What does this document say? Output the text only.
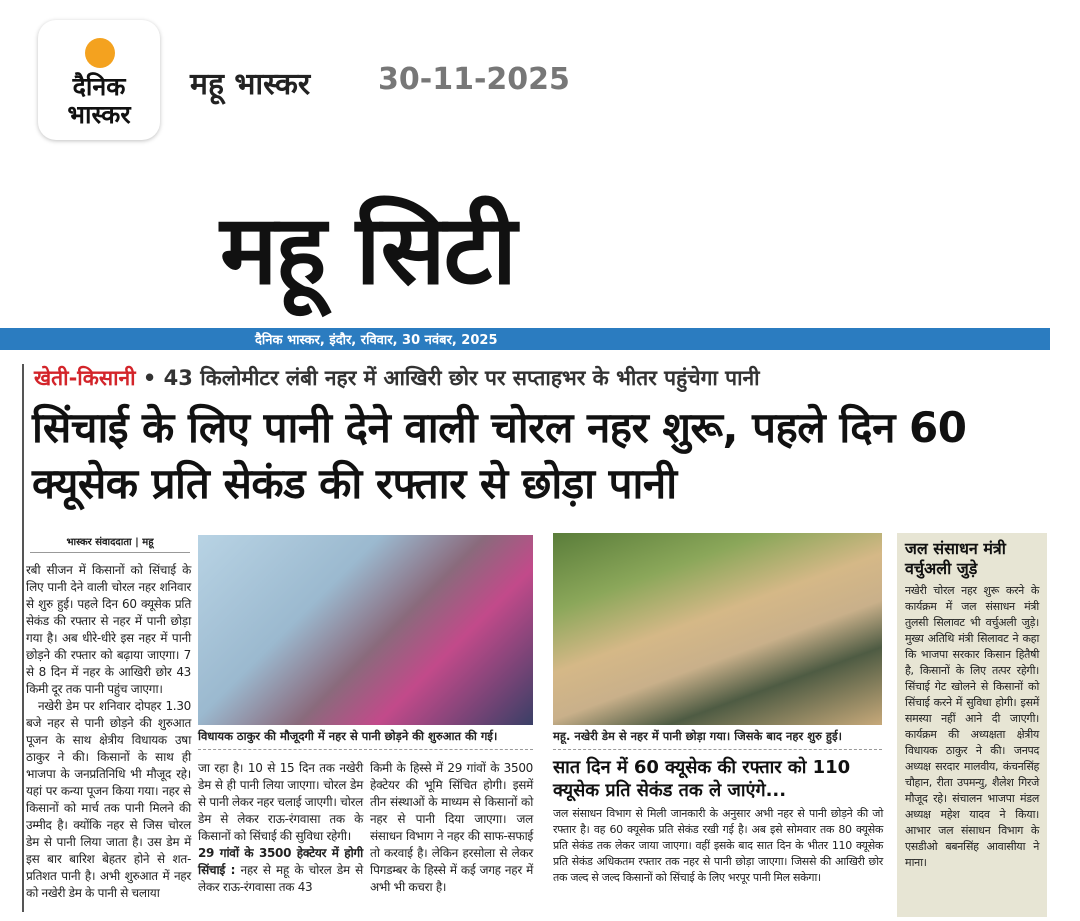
दैनिक
भास्कर
महू भास्कर 30-11-2025
महू सिटी
दैनिक भास्कर, इंदौर, रविवार, 30 नवंबर, 2025
खेती-किसानी • 43 किलोमीटर लंबी नहर में आखिरी छोर पर सप्ताहभर के भीतर पहुंचेगा पानी
सिंचाई के लिए पानी देने वाली चोरल नहर शुरू, पहले दिन 60 क्यूसेक प्रति सेकंड की रफ्तार से छोड़ा पानी
भास्कर संवाददाता | महू

रबी सीजन में किसानों को सिंचाई के लिए पानी देने वाली चोरल नहर शनिवार से शुरु हुई। पहले दिन 60 क्यूसेक प्रति सेकंड की रफ्तार से नहर में पानी छोड़ा गया है। अब धीरे-धीरे इस नहर में पानी छोड़ने की रफ्तार को बढ़ाया जाएगा। 7 से 8 दिन में नहर के आखिरी छोर 43 किमी दूर तक पानी पहुंच जाएगा।

नखेरी डेम पर शनिवार दोपहर 1.30 बजे नहर से पानी छोड़ने की शुरुआत पूजन के साथ क्षेत्रीय विधायक उषा ठाकुर ने की। किसानों के साथ ही भाजपा के जनप्रतिनिधि भी मौजूद रहे। यहां पर कन्या पूजन किया गया। नहर से किसानों को मार्च तक पानी मिलने की उम्मीद है। क्योंकि नहर से जिस चोरल डेम से पानी लिया जाता है। उस डेम में इस बार बारिश बेहतर होने से शत-प्रतिशत पानी है। अभी शुरुआत में नहर को नखेरी डेम के पानी से चलाया

विधायक ठाकुर की मौजूदगी में नहर से पानी छोड़ने की शुरुआत की गई।

जा रहा है। 10 से 15 दिन तक नखेरी डेम से ही पानी लिया जाएगा। चोरल डेम से पानी लेकर नहर चलाई जाएगी। चोरल डेम से लेकर राऊ-रंगवासा तक के किसानों को सिंचाई की सुविधा रहेगी।

29 गांवों के 3500 हेक्टेयर में होगी सिंचाई : नहर से महू के चोरल डेम से लेकर राऊ-रंगवासा तक 43

किमी के हिस्से में 29 गांवों के 3500 हेक्टेयर की भूमि सिंचित होगी। इसमें तीन संस्थाओं के माध्यम से किसानों को नहर से पानी दिया जाएगा। जल संसाधन विभाग ने नहर की साफ-सफाई तो करवाई है। लेकिन हरसोला से लेकर पिगडम्बर के हिस्से में कई जगह नहर में अभी भी कचरा है।

महू. नखेरी डेम से नहर में पानी छोड़ा गया। जिसके बाद नहर शुरु हुई।
सात दिन में 60 क्यूसेक की रफ्तार को 110 क्यूसेक प्रति सेकंड तक ले जाएंगे...
जल संसाधन विभाग से मिली जानकारी के अनुसार अभी नहर से पानी छोड़ने की जो रफ्तार है। वह 60 क्यूसेक प्रति सेकंड रखी गई है। अब इसे सोमवार तक 80 क्यूसेक प्रति सेकंड तक लेकर जाया जाएगा। वहीं इसके बाद सात दिन के भीतर 110 क्यूसेक प्रति सेकंड अधिकतम रफ्तार तक नहर से पानी छोड़ा जाएगा। जिससे की आखिरी छोर तक जल्द से जल्द किसानों को सिंचाई के लिए भरपूर पानी मिल सकेगा।
जल संसाधन मंत्री वर्चुअली जुड़े
नखेरी चोरल नहर शुरू करने के कार्यक्रम में जल संसाधन मंत्री तुलसी सिलावट भी वर्चुअली जुड़े। मुख्य अतिथि मंत्री सिलावट ने कहा कि भाजपा सरकार किसान हितैषी है, किसानों के लिए तत्पर रहेगी। सिंचाई गेट खोलने से किसानों को सिंचाई करने में सुविधा होगी। इसमें समस्या नहीं आने दी जाएगी। कार्यक्रम की अध्यक्षता क्षेत्रीय विधायक ठाकुर ने की। जनपद अध्यक्ष सरदार मालवीय, कंचनसिंह चौहान, रीता उपमन्यु, शैलेश गिरजे मौजूद रहे। संचालन भाजपा मंडल अध्यक्ष महेश यादव ने किया। आभार जल संसाधन विभाग के एसडीओ बबनसिंह आवासीया ने माना।
